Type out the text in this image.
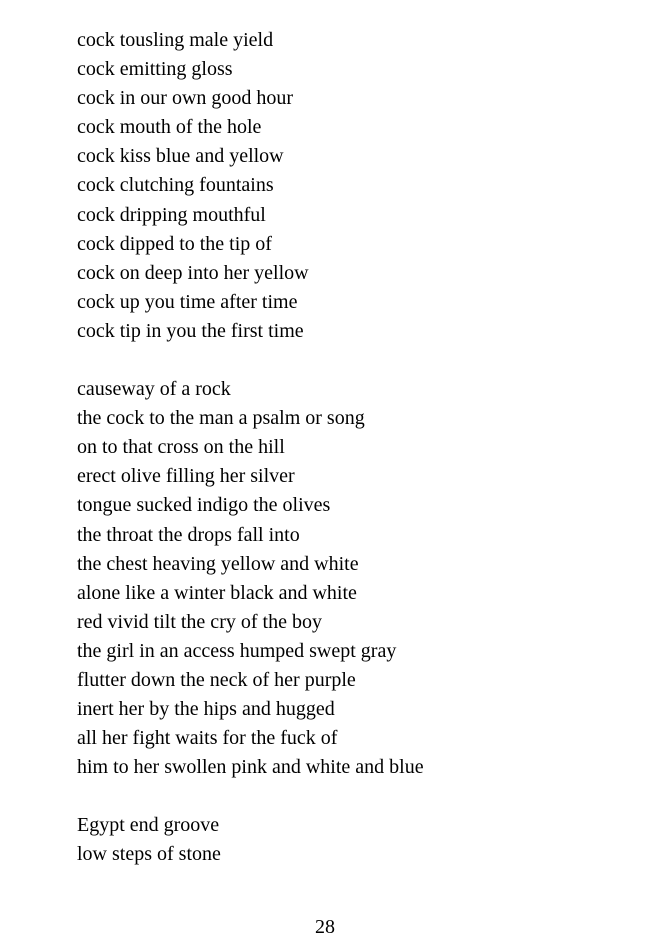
cock tousling male yield
cock emitting gloss
cock in our own good hour
cock mouth of the hole
cock kiss blue and yellow
cock clutching fountains
cock dripping mouthful
cock dipped to the tip of
cock on deep into her yellow
cock up you time after time
cock tip in you the first time
causeway of a rock
the cock to the man a psalm or song
on to that cross on the hill
erect olive filling her silver
tongue sucked indigo the olives
the throat the drops fall into
the chest heaving yellow and white
alone like a winter black and white
red vivid tilt the cry of the boy
the girl in an access humped swept gray
flutter down the neck of her purple
inert her by the hips and hugged
all her fight waits for the fuck of
him to her swollen pink and white and blue
Egypt end groove
low steps of stone
28
